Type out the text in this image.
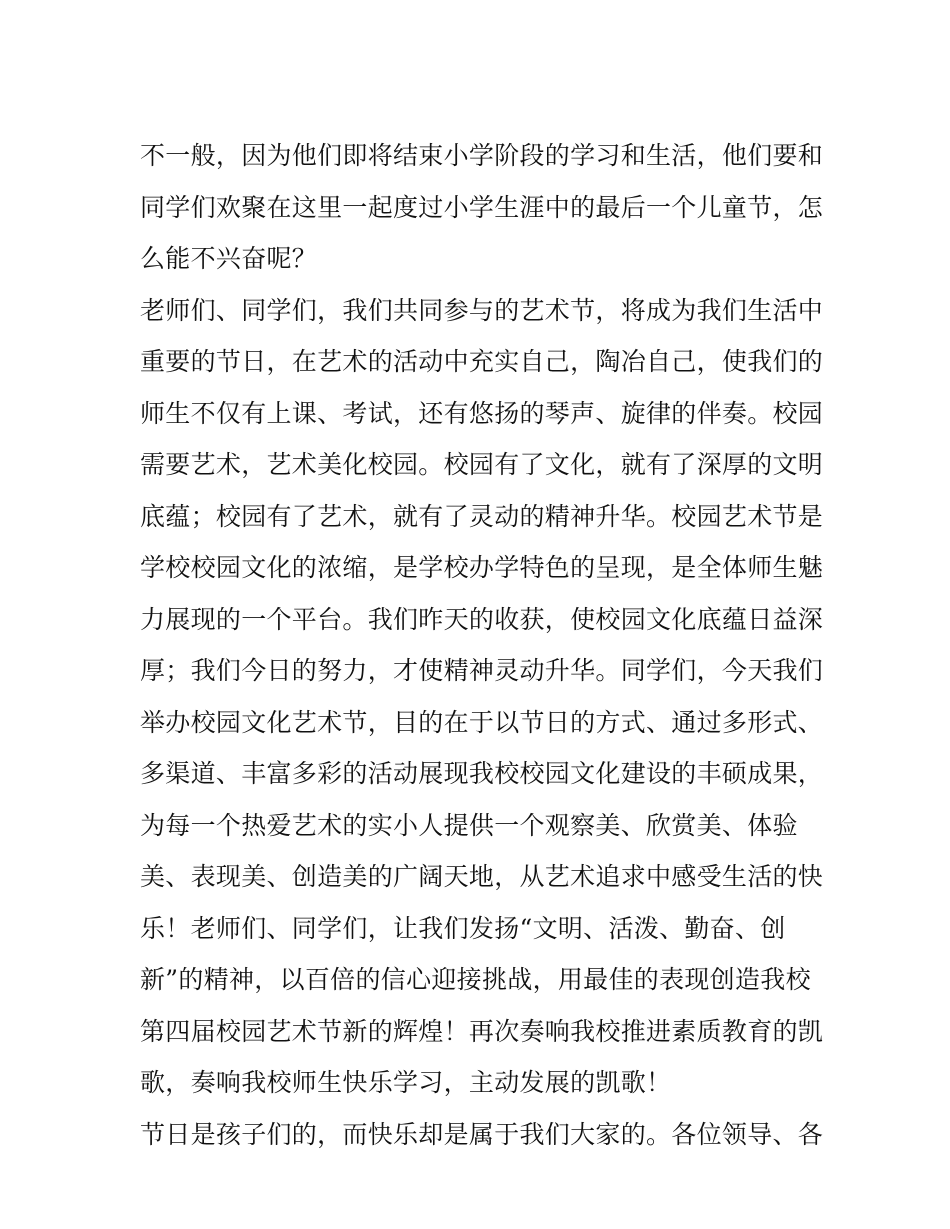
不一般，因为他们即将结束小学阶段的学习和生活，他们要和
同学们欢聚在这里一起度过小学生涯中的最后一个儿童节，怎
么能不兴奋呢？
老师们、同学们，我们共同参与的艺术节，将成为我们生活中
重要的节日，在艺术的活动中充实自己，陶冶自己，使我们的
师生不仅有上课、考试，还有悠扬的琴声、旋律的伴奏。校园
需要艺术，艺术美化校园。校园有了文化，就有了深厚的文明
底蕴；校园有了艺术，就有了灵动的精神升华。校园艺术节是
学校校园文化的浓缩，是学校办学特色的呈现，是全体师生魅
力展现的一个平台。我们昨天的收获，使校园文化底蕴日益深
厚；我们今日的努力，才使精神灵动升华。同学们，今天我们
举办校园文化艺术节，目的在于以节日的方式、通过多形式、
多渠道、丰富多彩的活动展现我校校园文化建设的丰硕成果，
为每一个热爱艺术的实小人提供一个观察美、欣赏美、体验
美、表现美、创造美的广阔天地，从艺术追求中感受生活的快
乐！老师们、同学们，让我们发扬“文明、活泼、勤奋、创
新”的精神，以百倍的信心迎接挑战，用最佳的表现创造我校
第四届校园艺术节新的辉煌！再次奏响我校推进素质教育的凯
歌，奏响我校师生快乐学习，主动发展的凯歌！
节日是孩子们的，而快乐却是属于我们大家的。各位领导、各
